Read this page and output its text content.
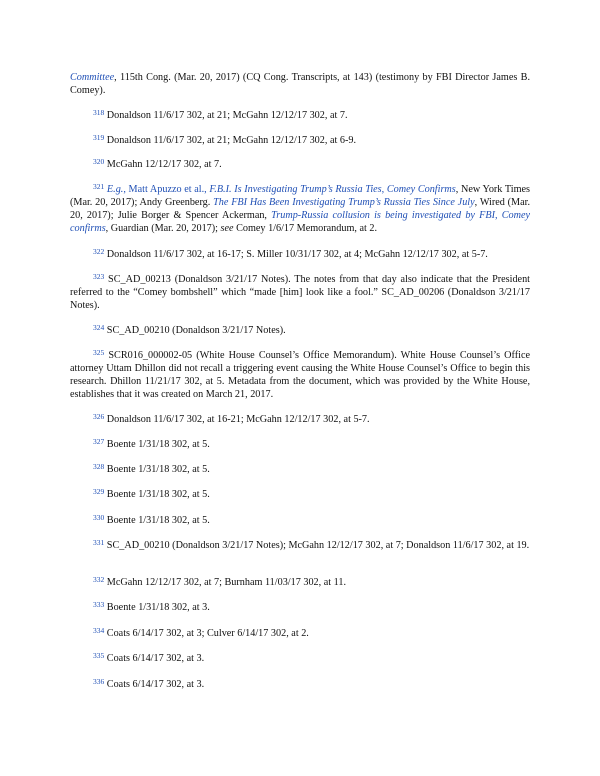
Committee, 115th Cong. (Mar. 20, 2017) (CQ Cong. Transcripts, at 143) (testimony by FBI Director James B. Comey).

$^{318}$ Donaldson 11/6/17 302, at 21; McGahn 12/12/17 302, at 7.

$^{319}$ Donaldson 11/6/17 302, at 21; McGahn 12/12/17 302, at 6-9.

$^{320}$ McGahn 12/12/17 302, at 7.

$^{321}$ E.g., Matt Apuzzo et al., F.B.I. Is Investigating Trump’s Russia Ties, Comey Confirms, New York Times (Mar. 20, 2017); Andy Greenberg. The FBI Has Been Investigating Trump’s Russia Ties Since July, Wired (Mar. 20, 2017); Julie Borger & Spencer Ackerman, Trump-Russia collusion is being investigated by FBI, Comey confirms, Guardian (Mar. 20, 2017); see Comey 1/6/17 Memorandum, at 2.

$^{322}$ Donaldson 11/6/17 302, at 16-17; S. Miller 10/31/17 302, at 4; McGahn 12/12/17 302, at 5-7.

$^{323}$ SC_AD_00213 (Donaldson 3/21/17 Notes). The notes from that day also indicate that the President referred to the “Comey bombshell” which “made [him] look like a fool.” SC_AD_00206 (Donaldson 3/21/17 Notes).

$^{324}$ SC_AD_00210 (Donaldson 3/21/17 Notes).

$^{325}$ SCR016_000002-05 (White House Counsel’s Office Memorandum). White House Counsel’s Office attorney Uttam Dhillon did not recall a triggering event causing the White House Counsel’s Office to begin this research. Dhillon 11/21/17 302, at 5. Metadata from the document, which was provided by the White House, establishes that it was created on March 21, 2017.

$^{326}$ Donaldson 11/6/17 302, at 16-21; McGahn 12/12/17 302, at 5-7.

$^{327}$ Boente 1/31/18 302, at 5.

$^{328}$ Boente 1/31/18 302, at 5.

$^{329}$ Boente 1/31/18 302, at 5.

$^{330}$ Boente 1/31/18 302, at 5.

$^{331}$ SC_AD_00210 (Donaldson 3/21/17 Notes); McGahn 12/12/17 302, at 7; Donaldson 11/6/17 302, at 19.

$^{332}$ McGahn 12/12/17 302, at 7; Burnham 11/03/17 302, at 11.

$^{333}$ Boente 1/31/18 302, at 3.

$^{334}$ Coats 6/14/17 302, at 3; Culver 6/14/17 302, at 2.

$^{335}$ Coats 6/14/17 302, at 3.

$^{336}$ Coats 6/14/17 302, at 3.
